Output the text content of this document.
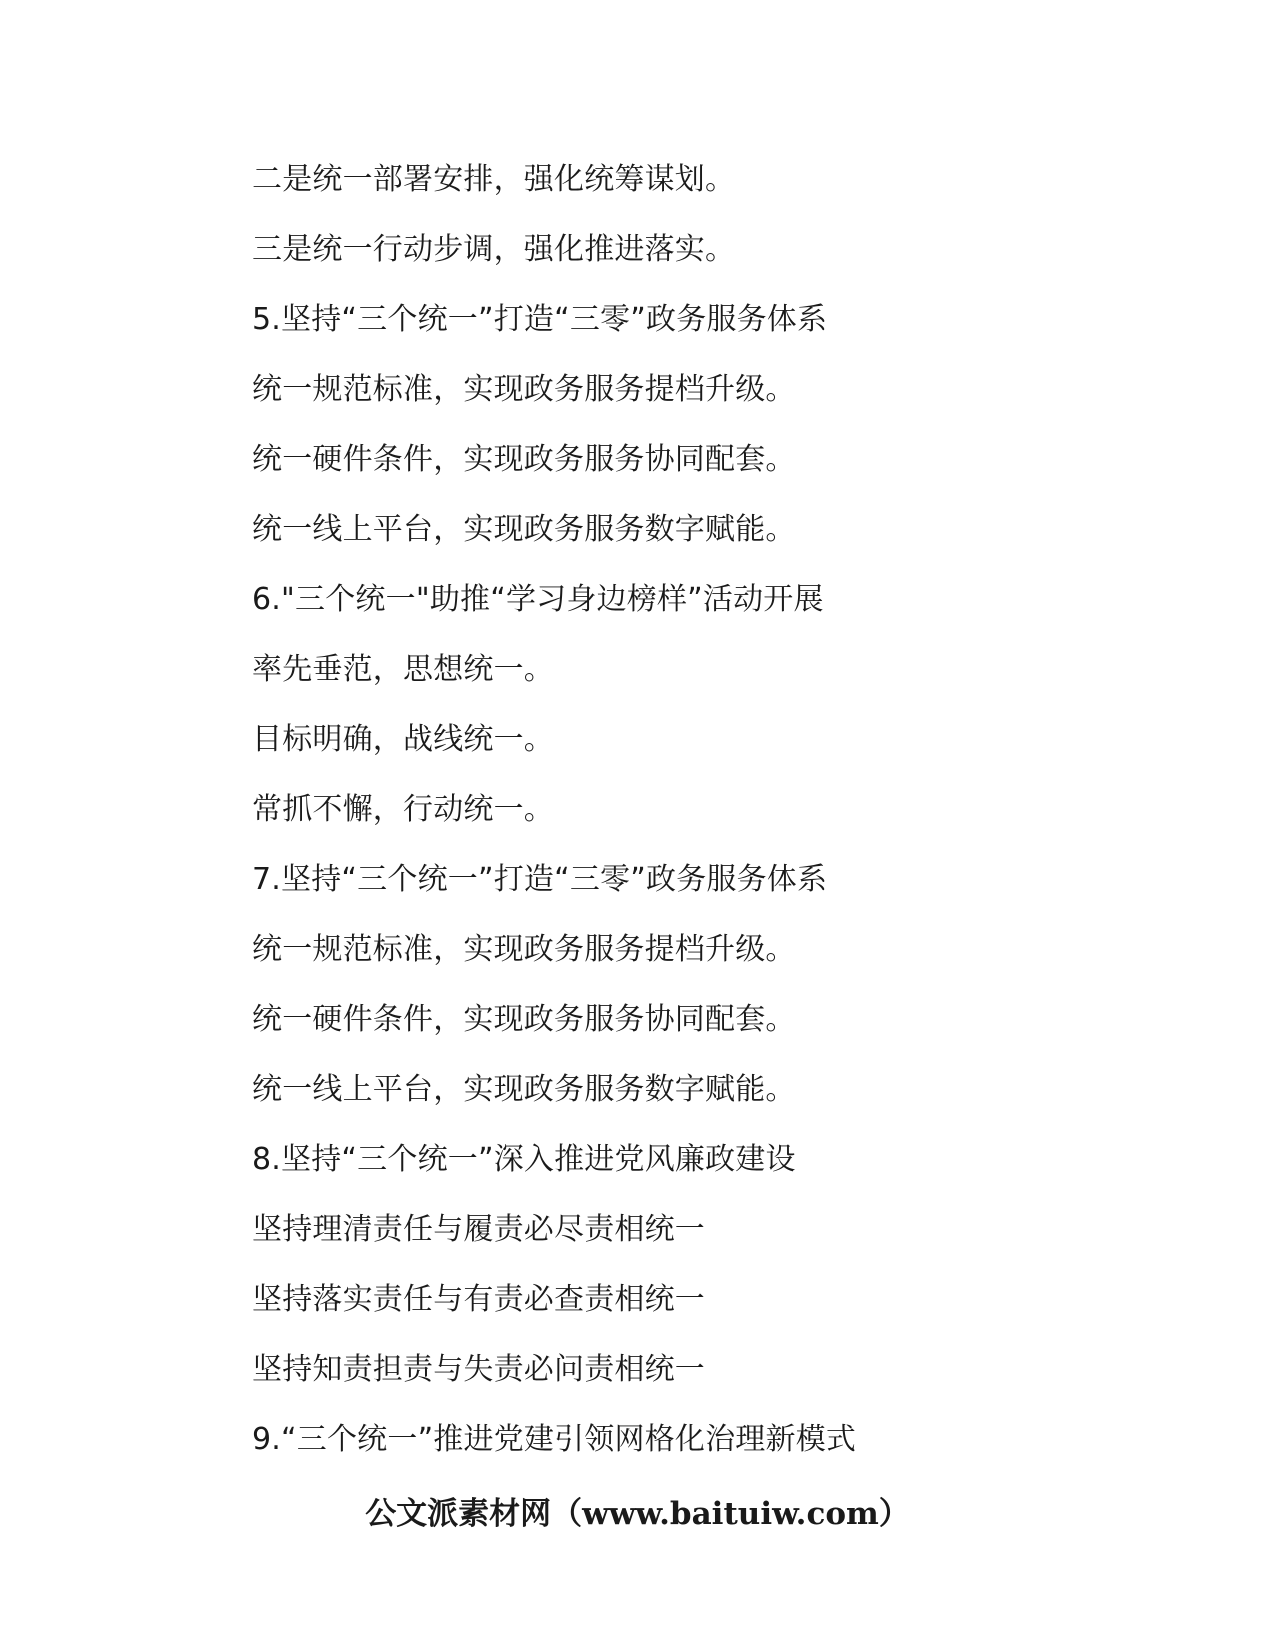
二是统一部署安排，强化统筹谋划。
三是统一行动步调，强化推进落实。
5.坚持“三个统一”打造“三零”政务服务体系
统一规范标准，实现政务服务提档升级。
统一硬件条件，实现政务服务协同配套。
统一线上平台，实现政务服务数字赋能。
6."三个统一"助推“学习身边榜样”活动开展
率先垂范，思想统一。
目标明确，战线统一。
常抓不懈，行动统一。
7.坚持“三个统一”打造“三零”政务服务体系
统一规范标准，实现政务服务提档升级。
统一硬件条件，实现政务服务协同配套。
统一线上平台，实现政务服务数字赋能。
8.坚持“三个统一”深入推进党风廉政建设
坚持理清责任与履责必尽责相统一
坚持落实责任与有责必查责相统一
坚持知责担责与失责必问责相统一
9.“三个统一”推进党建引领网格化治理新模式
公文派素材网（www.baituiw.com）
